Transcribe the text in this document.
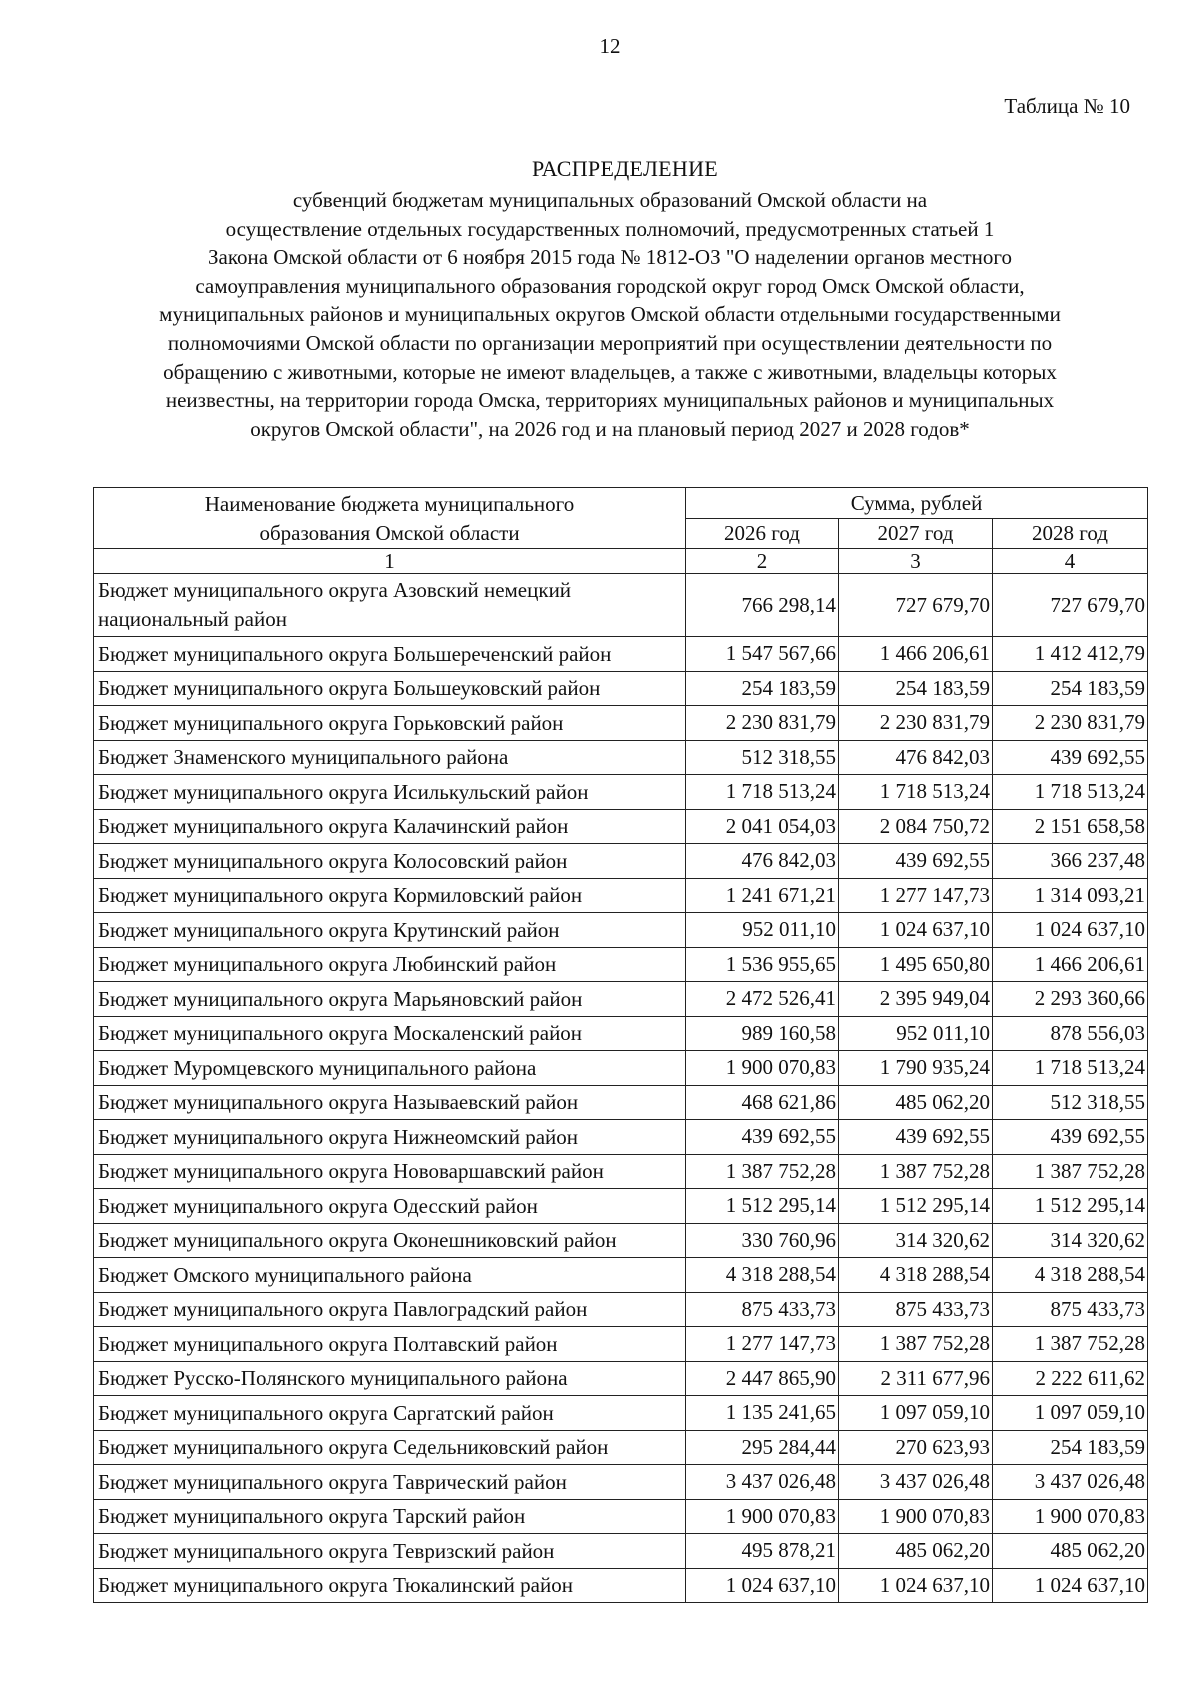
12
Таблица № 10
РАСПРЕДЕЛЕНИЕ
субвенций бюджетам муниципальных образований Омской области на
осуществление отдельных государственных полномочий, предусмотренных статьей 1
Закона Омской области от 6 ноября 2015 года № 1812-ОЗ "О наделении органов местного
самоуправления муниципального образования городской округ город Омск Омской области,
муниципальных районов и муниципальных округов Омской области отдельными государственными
полномочиями Омской области по организации мероприятий при осуществлении деятельности по
обращению с животными, которые не имеют владельцев, а также с животными, владельцы которых
неизвестны, на территории города Омска, территориях муниципальных районов и муниципальных
округов Омской области", на 2026 год и на плановый период 2027 и 2028 годов*
Наименование бюджета муниципального образования Омской области	Сумма, рублей		
	2026 год	2027 год	2028 год
1	2	3	4
Бюджет муниципального округа Азовский немецкий национальный район	766 298,14	727 679,70	727 679,70
Бюджет муниципального округа Большереченский район	1 547 567,66	1 466 206,61	1 412 412,79
Бюджет муниципального округа Большеуковский район	254 183,59	254 183,59	254 183,59
Бюджет муниципального округа Горьковский район	2 230 831,79	2 230 831,79	2 230 831,79
Бюджет Знаменского муниципального района	512 318,55	476 842,03	439 692,55
Бюджет муниципального округа Исилькульский район	1 718 513,24	1 718 513,24	1 718 513,24
Бюджет муниципального округа Калачинский район	2 041 054,03	2 084 750,72	2 151 658,58
Бюджет муниципального округа Колосовский район	476 842,03	439 692,55	366 237,48
Бюджет муниципального округа Кормиловский район	1 241 671,21	1 277 147,73	1 314 093,21
Бюджет муниципального округа Крутинский район	952 011,10	1 024 637,10	1 024 637,10
Бюджет муниципального округа Любинский район	1 536 955,65	1 495 650,80	1 466 206,61
Бюджет муниципального округа Марьяновский район	2 472 526,41	2 395 949,04	2 293 360,66
Бюджет муниципального округа Москаленский район	989 160,58	952 011,10	878 556,03
Бюджет Муромцевского муниципального района	1 900 070,83	1 790 935,24	1 718 513,24
Бюджет муниципального округа Называевский район	468 621,86	485 062,20	512 318,55
Бюджет муниципального округа Нижнеомский район	439 692,55	439 692,55	439 692,55
Бюджет муниципального округа Нововаршавский район	1 387 752,28	1 387 752,28	1 387 752,28
Бюджет муниципального округа Одесский район	1 512 295,14	1 512 295,14	1 512 295,14
Бюджет муниципального округа Оконешниковский район	330 760,96	314 320,62	314 320,62
Бюджет Омского муниципального района	4 318 288,54	4 318 288,54	4 318 288,54
Бюджет муниципального округа Павлоградский район	875 433,73	875 433,73	875 433,73
Бюджет муниципального округа Полтавский район	1 277 147,73	1 387 752,28	1 387 752,28
Бюджет Русско-Полянского муниципального района	2 447 865,90	2 311 677,96	2 222 611,62
Бюджет муниципального округа Саргатский район	1 135 241,65	1 097 059,10	1 097 059,10
Бюджет муниципального округа Седельниковский район	295 284,44	270 623,93	254 183,59
Бюджет муниципального округа Таврический район	3 437 026,48	3 437 026,48	3 437 026,48
Бюджет муниципального округа Тарский район	1 900 070,83	1 900 070,83	1 900 070,83
Бюджет муниципального округа Тевризский район	495 878,21	485 062,20	485 062,20
Бюджет муниципального округа Тюкалинский район	1 024 637,10	1 024 637,10	1 024 637,10
